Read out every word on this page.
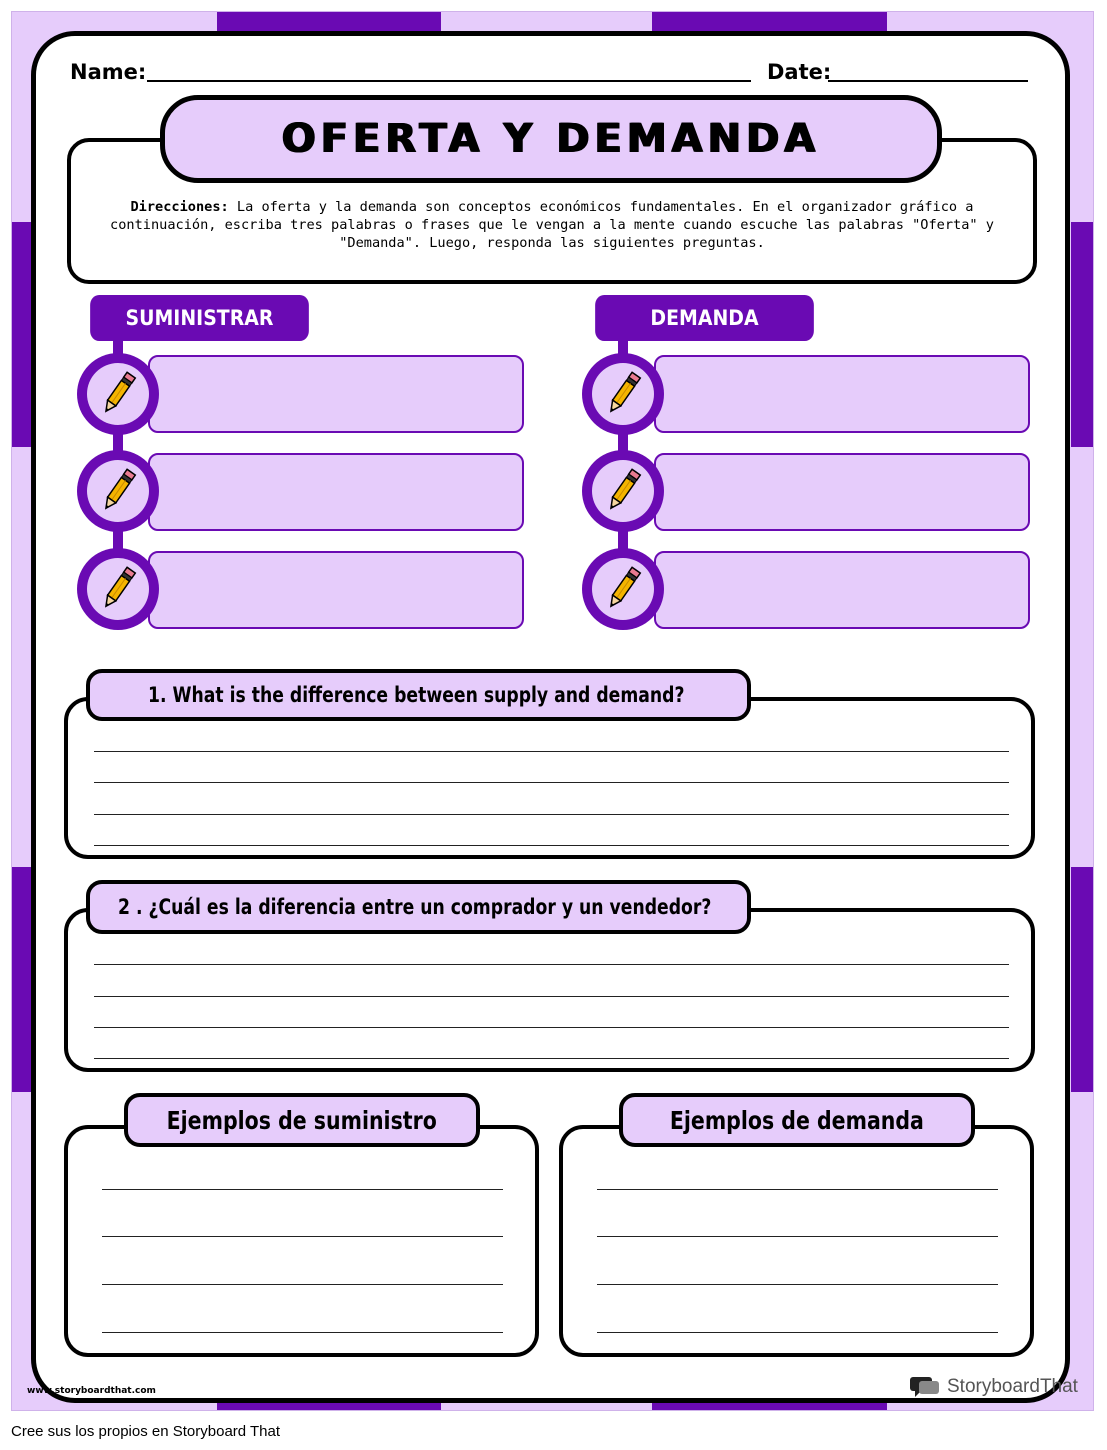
Name:	Date:
Direcciones: La oferta y la demanda son conceptos económicos fundamentales. En el organizador gráfico a continuación, escriba tres palabras o frases que le vengan a la mente cuando escuche las palabras "Oferta" y "Demanda". Luego, responda las siguientes preguntas.
OFERTA Y DEMANDA
SUMINISTRAR	DEMANDA
1. What is the difference between supply and demand?
2 . ¿Cuál es la diferencia entre un comprador y un vendedor?
Ejemplos de suministro	Ejemplos de demanda
www.storyboardthat.com	StoryboardThat
Cree sus los propios en Storyboard That
